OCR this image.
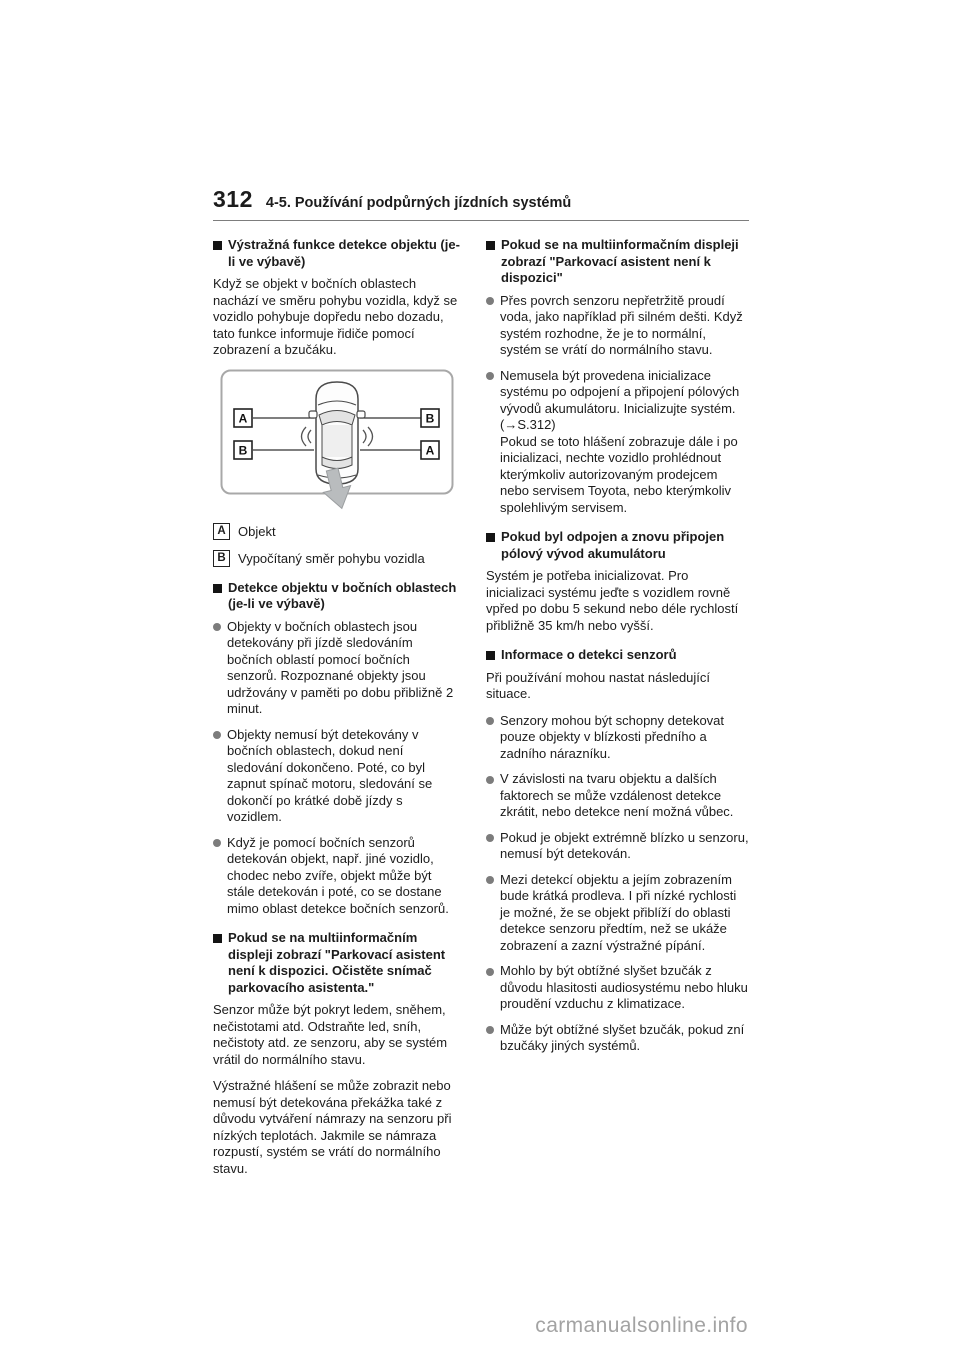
312 4-5. Používání podpůrných jízdních systémů
Výstražná funkce detekce objektu (je-li ve výbavě)

Když se objekt v bočních oblastech nachází ve směru pohybu vozidla, když se vozidlo pohybuje dopředu nebo dozadu, tato funkce informuje řidiče pomocí zobrazení a bzučáku.

A	B
B	A
A Objekt
B Vypočítaný směr pohybu vozidla
Detekce objektu v bočních oblastech (je-li ve výbavě)
Objekty v bočních oblastech jsou detekovány při jízdě sledováním bočních oblastí pomocí bočních senzorů. Rozpoznané objekty jsou udržovány v paměti po dobu přibližně 2 minut.
Objekty nemusí být detekovány v bočních oblastech, dokud není sledování dokončeno. Poté, co byl zapnut spínač motoru, sledování se dokončí po krátké době jízdy s vozidlem.
Když je pomocí bočních senzorů detekován objekt, např. jiné vozidlo, chodec nebo zvíře, objekt může být stále detekován i poté, co se dostane mimo oblast detekce bočních senzorů.
Pokud se na multiinformačním displeji zobrazí "Parkovací asistent není k dispozici. Očistěte snímač parkovacího asistenta."

Senzor může být pokryt ledem, sněhem, nečistotami atd. Odstraňte led, sníh, nečistoty atd. ze senzoru, aby se systém vrátil do normálního stavu.

Výstražné hlášení se může zobrazit nebo nemusí být detekována překážka také z důvodu vytváření námrazy na senzoru při nízkých teplotách. Jakmile se námraza rozpustí, systém se vrátí do normálního stavu.

Pokud se na multiinformačním displeji zobrazí "Parkovací asistent není k dispozici"
Přes povrch senzoru nepřetržitě proudí voda, jako například při silném dešti. Když systém rozhodne, že je to normální, systém se vrátí do normálního stavu.
Nemusela být provedena inicializace systému po odpojení a připojení pólových vývodů akumulátoru. Inicializujte systém. (→S.312)
Pokud se toto hlášení zobrazuje dále i po inicializaci, nechte vozidlo prohlédnout kterýmkoliv autorizovaným prodejcem nebo servisem Toyota, nebo kterýmkoliv spolehlivým servisem.
Pokud byl odpojen a znovu připojen pólový vývod akumulátoru

Systém je potřeba inicializovat. Pro inicializaci systému jeďte s vozidlem rovně vpřed po dobu 5 sekund nebo déle rychlostí přibližně 35 km/h nebo vyšší.

Informace o detekci senzorů

Při používání mohou nastat následující situace.

Senzory mohou být schopny detekovat pouze objekty v blízkosti předního a zadního nárazníku.
V závislosti na tvaru objektu a dalších faktorech se může vzdálenost detekce zkrátit, nebo detekce není možná vůbec.
Pokud je objekt extrémně blízko u senzoru, nemusí být detekován.
Mezi detekcí objektu a jejím zobrazením bude krátká prodleva. I při nízké rychlosti je možné, že se objekt přiblíží do oblasti detekce senzoru předtím, než se ukáže zobrazení a zazní výstražné pípání.
Mohlo by být obtížné slyšet bzučák z důvodu hlasitosti audiosystému nebo hluku proudění vzduchu z klimatizace.
Může být obtížné slyšet bzučák, pokud zní bzučáky jiných systémů.
carmanualsonline.info
